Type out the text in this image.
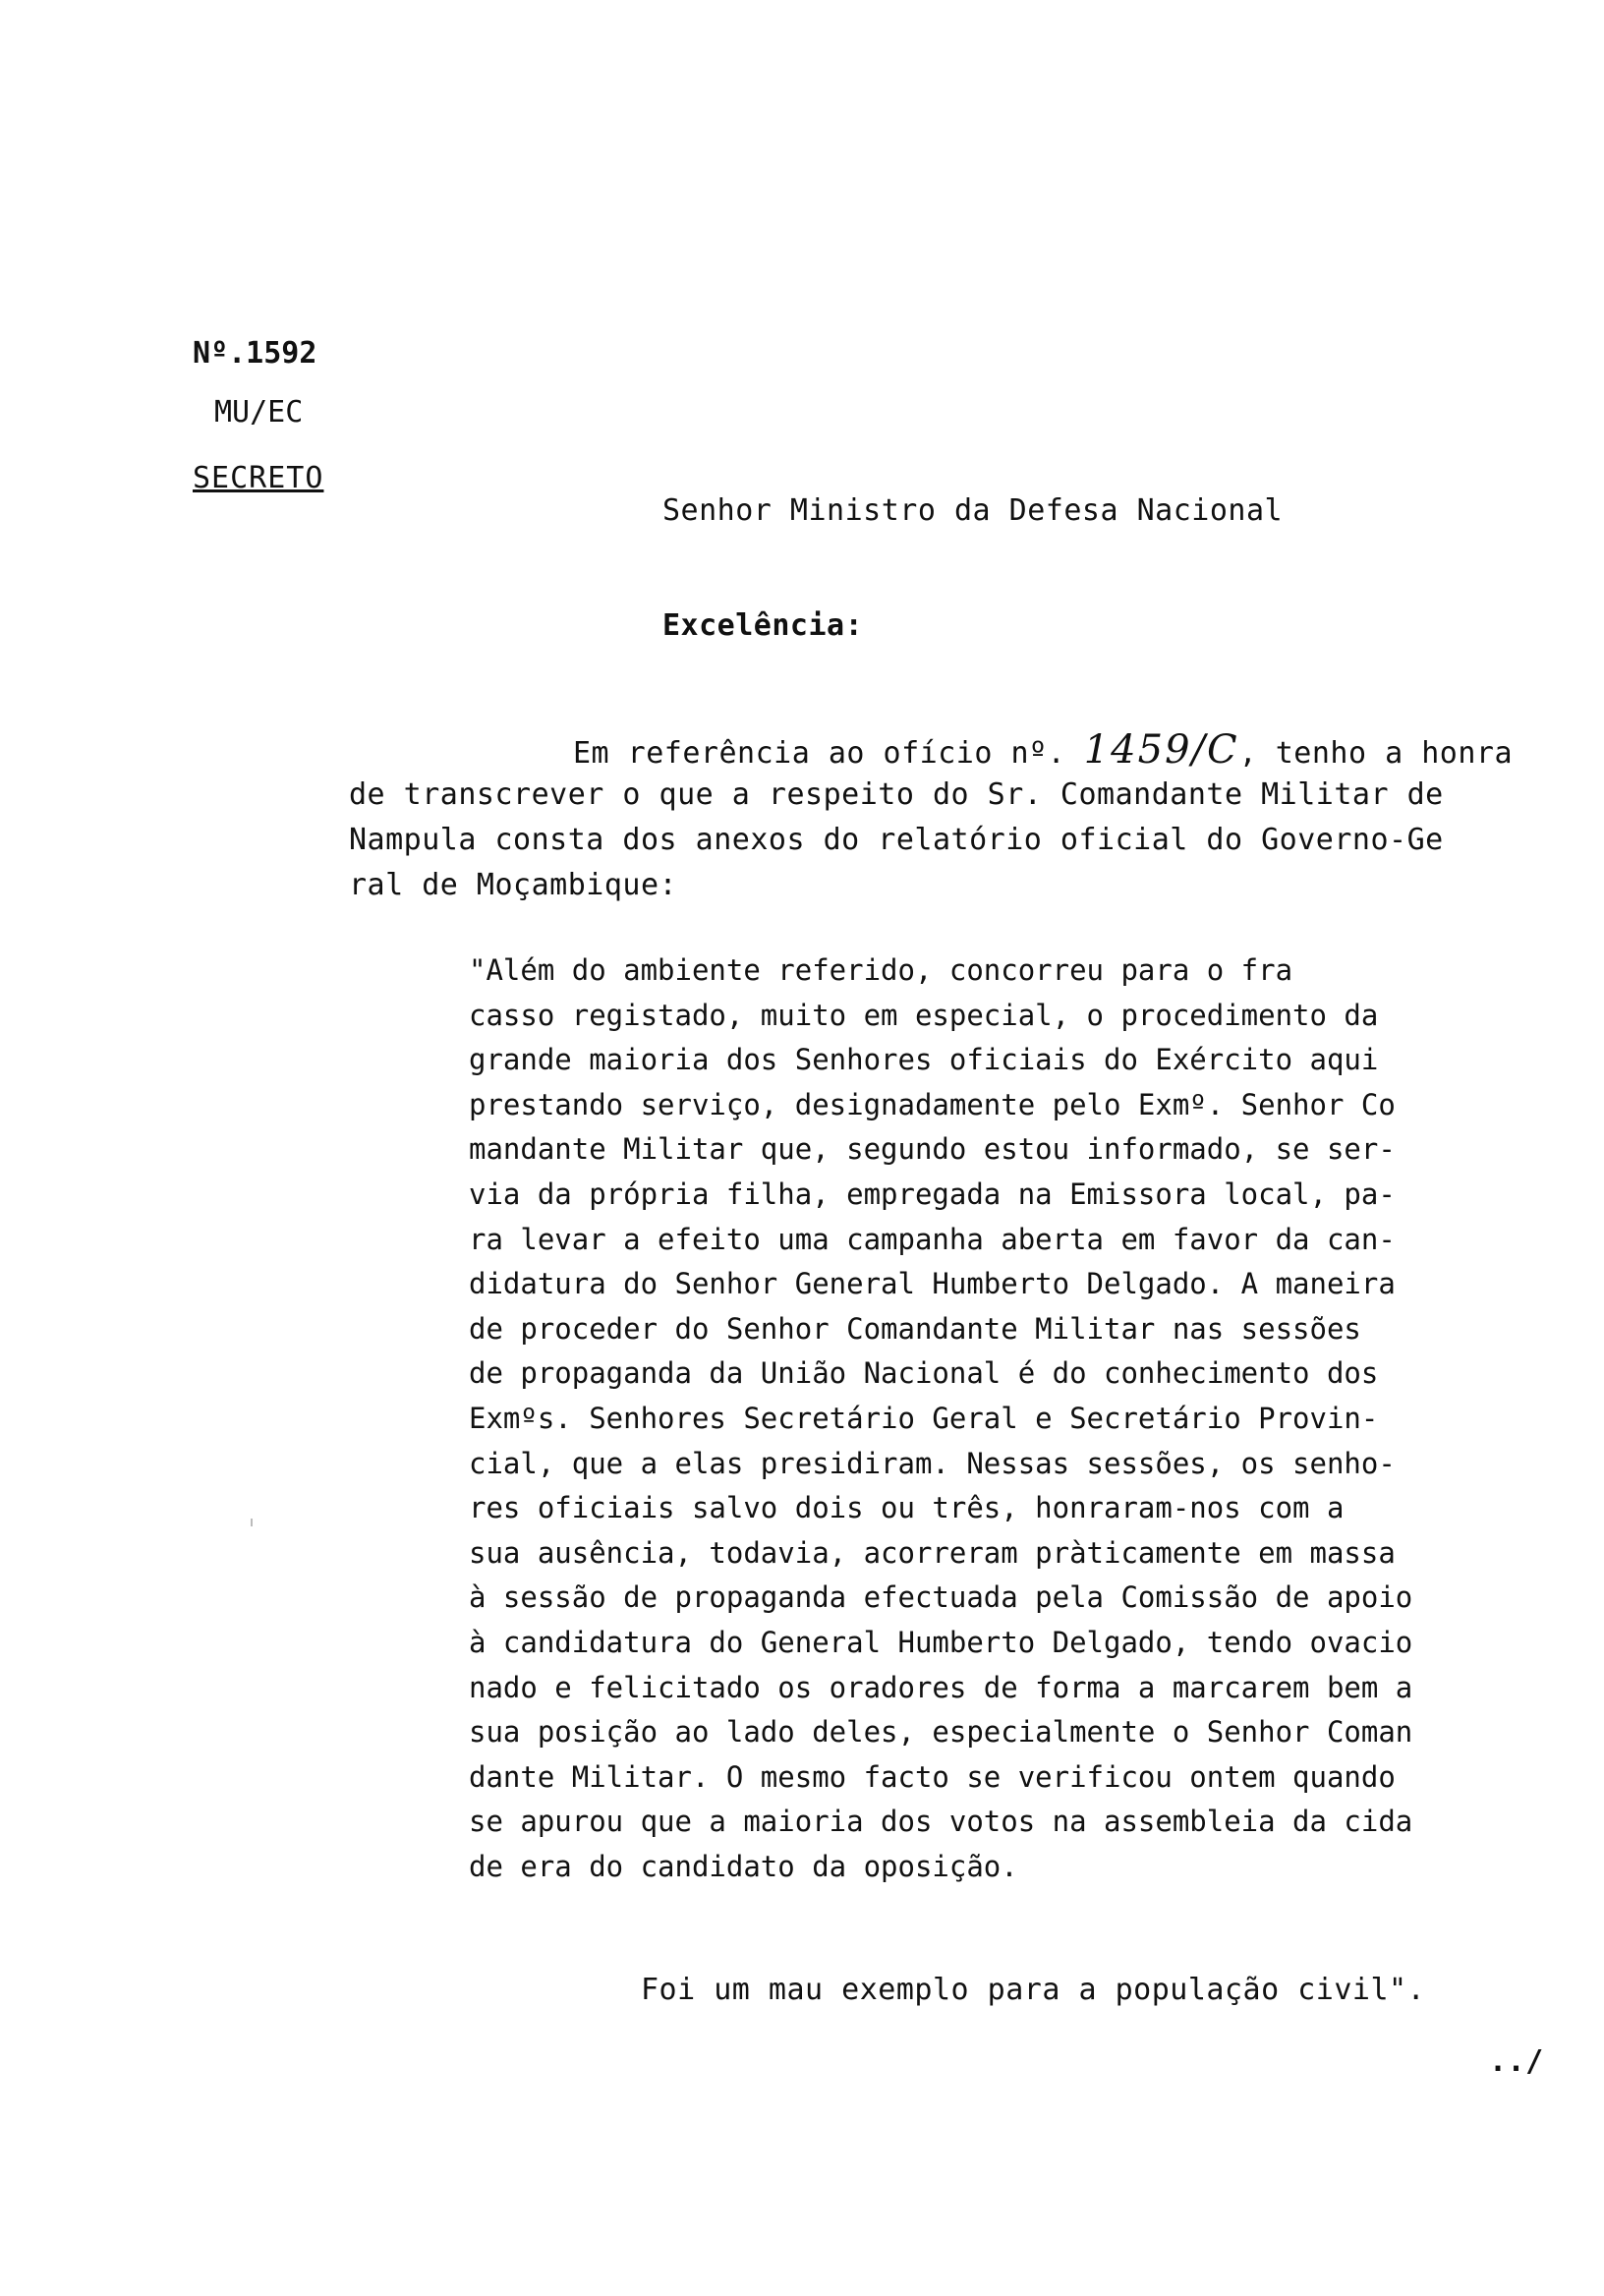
Nº.1592
MU/EC
SECRETO
Senhor Ministro da Defesa Nacional
Excelência:
Em referência ao ofício nº. 1459/C, tenho a honra
de transcrever o que a respeito do Sr. Comandante Militar de
Nampula consta dos anexos do relatório oficial do Governo-Ge
ral de Moçambique:
"Além do ambiente referido, concorreu para o fra
casso registado, muito em especial, o procedimento da
grande maioria dos Senhores oficiais do Exército aqui
prestando serviço, designadamente pelo Exmº. Senhor Co
mandante Militar que, segundo estou informado, se ser-
via da própria filha, empregada na Emissora local, pa-
ra levar a efeito uma campanha aberta em favor da can-
didatura do Senhor General Humberto Delgado. A maneira
de proceder do Senhor Comandante Militar nas sessões
de propaganda da União Nacional é do conhecimento dos
Exmºs. Senhores Secretário Geral e Secretário Provin-
cial, que a elas presidiram. Nessas sessões, os senho-
res oficiais salvo dois ou três, honraram-nos com a
sua ausência, todavia, acorreram pràticamente em massa
à sessão de propaganda efectuada pela Comissão de apoio
à candidatura do General Humberto Delgado, tendo ovacio
nado e felicitado os oradores de forma a marcarem bem a
sua posição ao lado deles, especialmente o Senhor Coman
dante Militar. O mesmo facto se verificou ontem quando
se apurou que a maioria dos votos na assembleia da cida
de era do candidato da oposição.
Foi um mau exemplo para a população civil".
../
